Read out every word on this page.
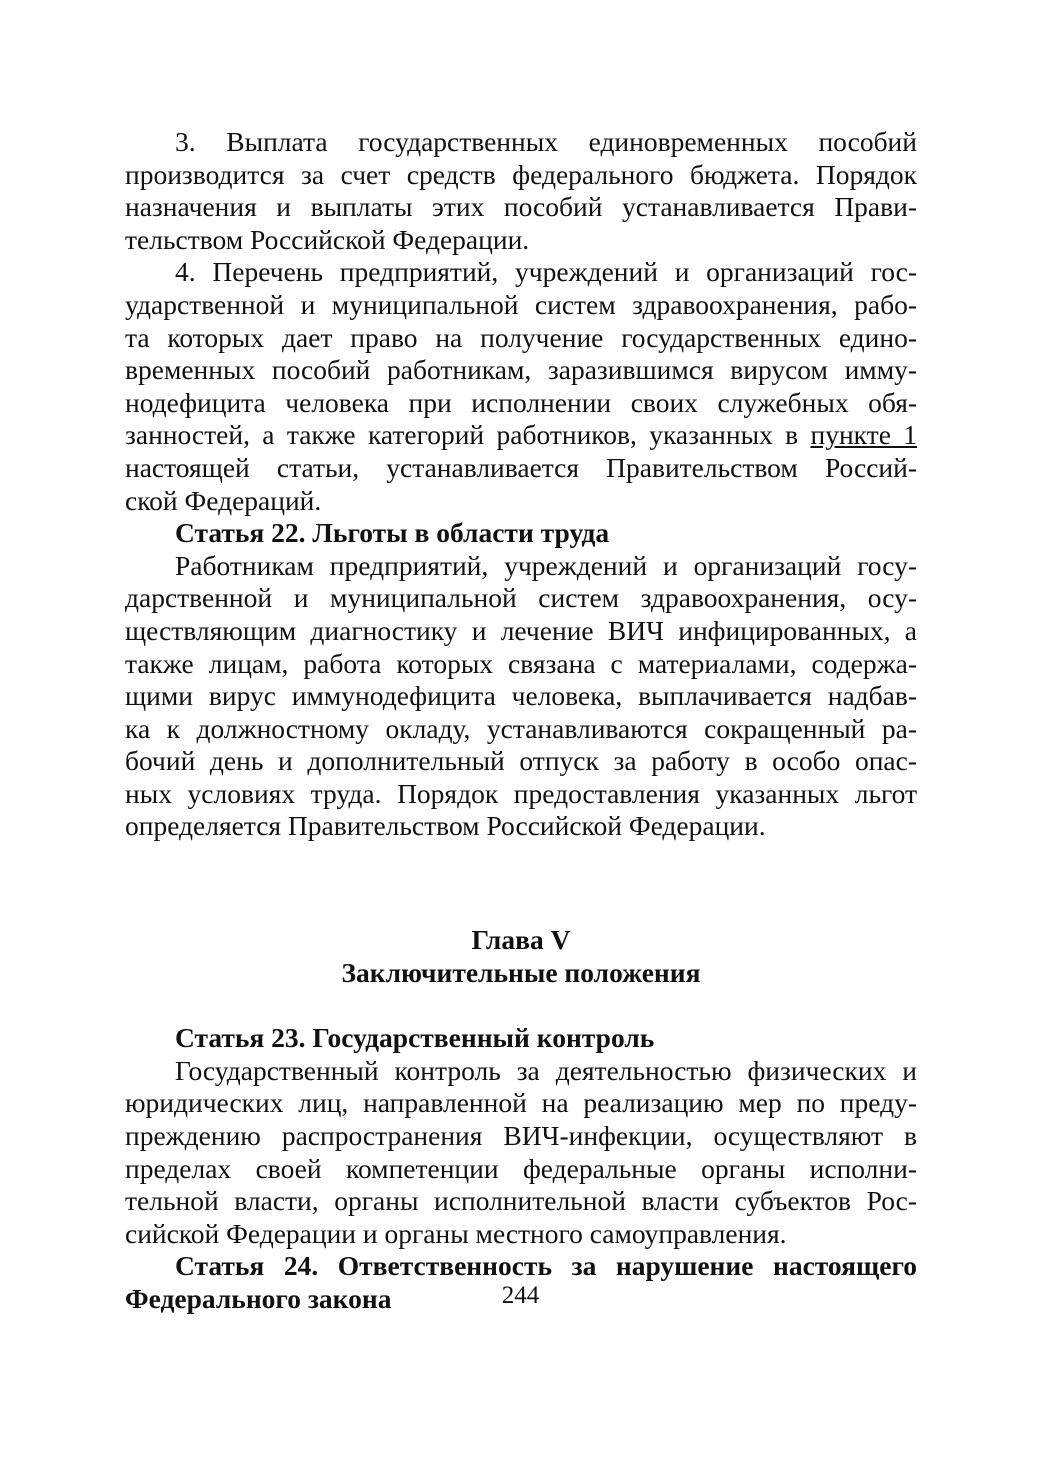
3. Выплата государственных единовременных пособий
производится за счет средств федерального бюджета. Порядок
назначения и выплаты этих пособий устанавливается Прави-
тельством Российской Федерации.
4. Перечень предприятий, учреждений и организаций гос-
ударственной и муниципальной систем здравоохранения, рабо-
та которых дает право на получение государственных едино-
временных пособий работникам, заразившимся вирусом имму-
нодефицита человека при исполнении своих служебных обя-
занностей, а также категорий работников, указанных в пункте 1
настоящей статьи, устанавливается Правительством Россий-
ской Федераций.

Статья 22. Льготы в области труда

Работникам предприятий, учреждений и организаций госу-
дарственной и муниципальной систем здравоохранения, осу-
ществляющим диагностику и лечение ВИЧ инфицированных, а
также лицам, работа которых связана с материалами, содержа-
щими вирус иммунодефицита человека, выплачивается надбав-
ка к должностному окладу, устанавливаются сокращенный ра-
бочий день и дополнительный отпуск за работу в особо опас-
ных условиях труда. Порядок предоставления указанных льгот
определяется Правительством Российской Федерации.

Глава V

Заключительные положения

Статья 23. Государственный контроль

Государственный контроль за деятельностью физических и
юридических лиц, направленной на реализацию мер по преду-
преждению распространения ВИЧ-инфекции, осуществляют в
пределах своей компетенции федеральные органы исполни-
тельной власти, органы исполнительной власти субъектов Рос-
сийской Федерации и органы местного самоуправления.
Статья 24. Ответственность за нарушение настоящего
Федерального закона	244
